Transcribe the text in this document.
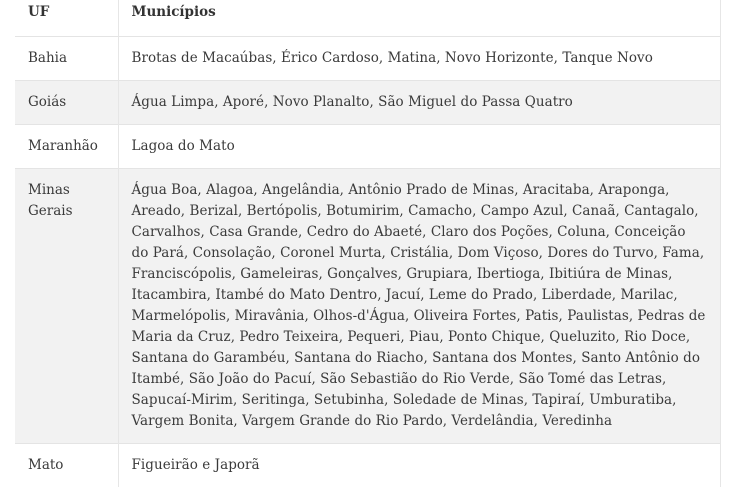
UF	Municípios
Bahia	Brotas de Macaúbas, Érico Cardoso, Matina, Novo Horizonte, Tanque Novo
Goiás	Água Limpa, Aporé, Novo Planalto, São Miguel do Passa Quatro
Maranhão	Lagoa do Mato
Minas Gerais	Água Boa, Alagoa, Angelândia, Antônio Prado de Minas, Aracitaba, Araponga, Areado, Berizal, Bertópolis, Botumirim, Camacho, Campo Azul, Canaã, Cantagalo, Carvalhos, Casa Grande, Cedro do Abaeté, Claro dos Poções, Coluna, Conceição do Pará, Consolação, Coronel Murta, Cristália, Dom Viçoso, Dores do Turvo, Fama, Franciscópolis, Gameleiras, Gonçalves, Grupiara, Ibertioga, Ibitiúra de Minas, Itacambira, Itambé do Mato Dentro, Jacuí, Leme do Prado, Liberdade, Marilac, Marmelópolis, Miravânia, Olhos-d'Água, Oliveira Fortes, Patis, Paulistas, Pedras de Maria da Cruz, Pedro Teixeira, Pequeri, Piau, Ponto Chique, Queluzito, Rio Doce, Santana do Garambéu, Santana do Riacho, Santana dos Montes, Santo Antônio do Itambé, São João do Pacuí, São Sebastião do Rio Verde, São Tomé das Letras, Sapucaí-Mirim, Seritinga, Setubinha, Soledade de Minas, Tapiraí, Umburatiba, Vargem Bonita, Vargem Grande do Rio Pardo, Verdelândia, Veredinha
Mato	Figueirão e Japorã
